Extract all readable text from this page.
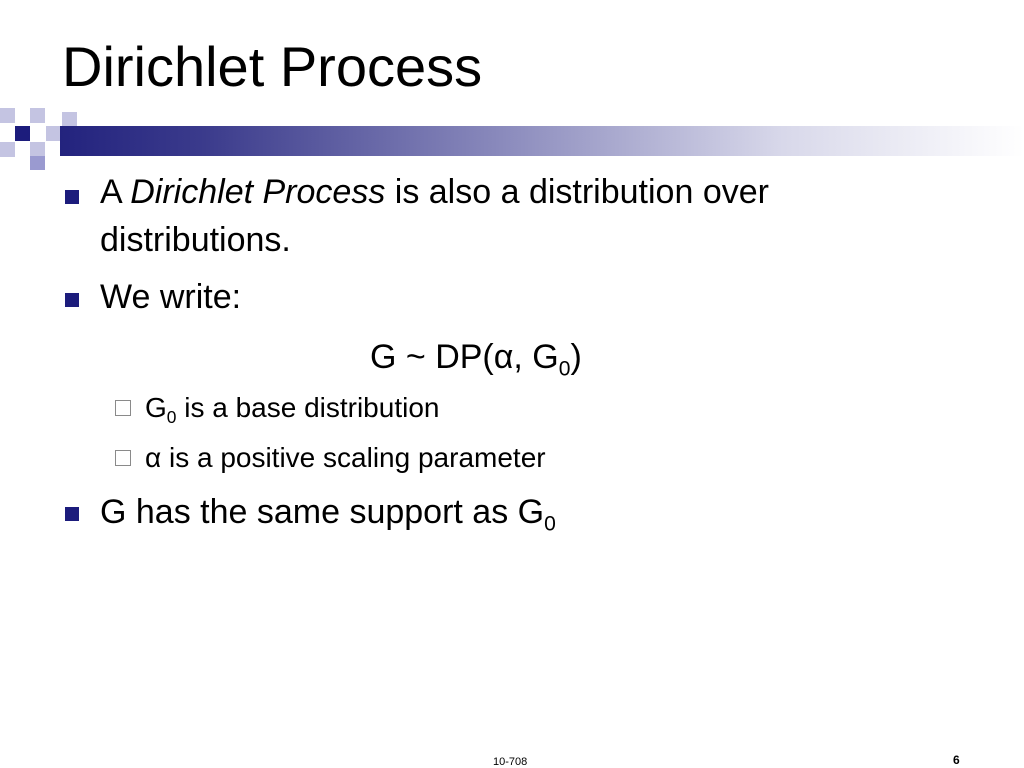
Dirichlet Process
A Dirichlet Process is also a distribution over distributions.
We write:
G ~ DP(α, $G_0$)
$G_0$ is a base distribution
α is a positive scaling parameter
G has the same support as $G_0$
10-708	6
